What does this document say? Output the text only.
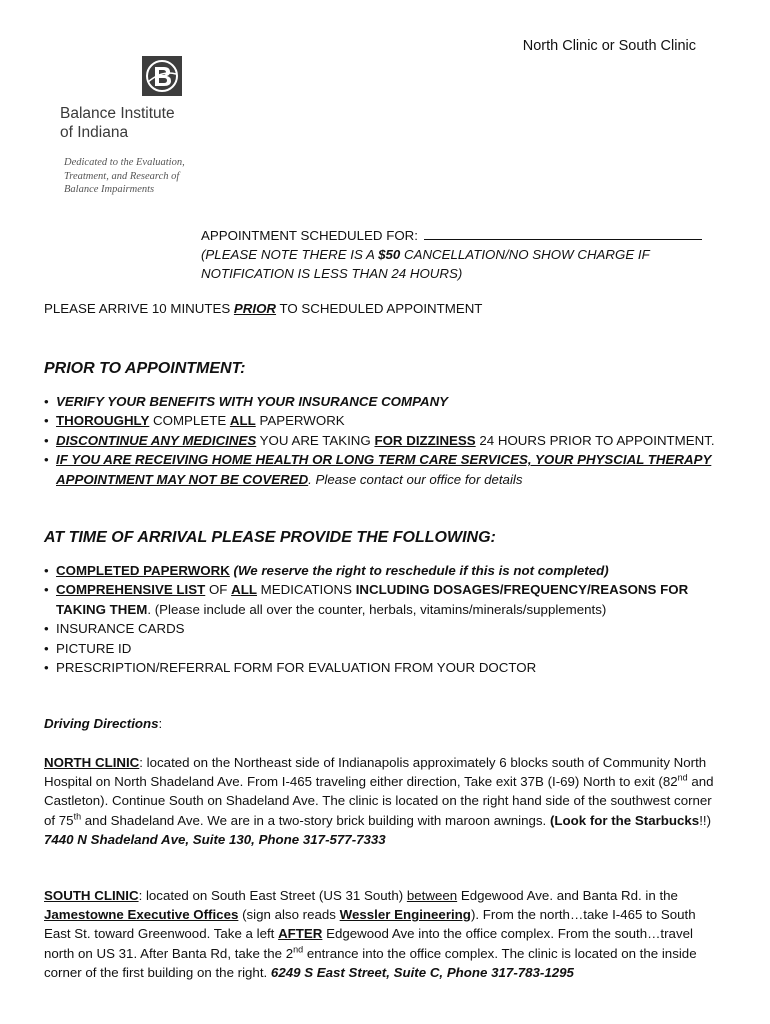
North Clinic or South Clinic
Balance Institute
of Indiana
Dedicated to the Evaluation,
Treatment, and Research of
Balance Impairments
APPOINTMENT SCHEDULED FOR:
(PLEASE NOTE THERE IS A $50 CANCELLATION/NO SHOW CHARGE IF
NOTIFICATION IS LESS THAN 24 HOURS)
PLEASE ARRIVE 10 MINUTES PRIOR TO SCHEDULED APPOINTMENT
PRIOR TO APPOINTMENT:
• VERIFY YOUR BENEFITS WITH YOUR INSURANCE COMPANY
• THOROUGHLY COMPLETE ALL PAPERWORK
• DISCONTINUE ANY MEDICINES YOU ARE TAKING FOR DIZZINESS 24 HOURS PRIOR TO APPOINTMENT.
• IF YOU ARE RECEIVING HOME HEALTH OR LONG TERM CARE SERVICES, YOUR PHYSCIAL THERAPY APPOINTMENT MAY NOT BE COVERED. Please contact our office for details
AT TIME OF ARRIVAL PLEASE PROVIDE THE FOLLOWING:
• COMPLETED PAPERWORK (We reserve the right to reschedule if this is not completed)
• COMPREHENSIVE LIST OF ALL MEDICATIONS INCLUDING DOSAGES/FREQUENCY/REASONS FOR TAKING THEM. (Please include all over the counter, herbals, vitamins/minerals/supplements)
• INSURANCE CARDS
• PICTURE ID
• PRESCRIPTION/REFERRAL FORM FOR EVALUATION FROM YOUR DOCTOR
Driving Directions:
NORTH CLINIC: located on the Northeast side of Indianapolis approximately 6 blocks south of Community North Hospital on North Shadeland Ave. From I-465 traveling either direction, Take exit 37B (I-69) North to exit (82nd and Castleton). Continue South on Shadeland Ave. The clinic is located on the right hand side of the southwest corner of 75th and Shadeland Ave. We are in a two-story brick building with maroon awnings. (Look for the Starbucks!!) 7440 N Shadeland Ave, Suite 130, Phone 317-577-7333
SOUTH CLINIC: located on South East Street (US 31 South) between Edgewood Ave. and Banta Rd. in the Jamestowne Executive Offices (sign also reads Wessler Engineering). From the north…take I-465 to South East St. toward Greenwood. Take a left AFTER Edgewood Ave into the office complex. From the south…travel north on US 31. After Banta Rd, take the 2nd entrance into the office complex. The clinic is located on the inside corner of the first building on the right. 6249 S East Street, Suite C, Phone 317-783-1295
